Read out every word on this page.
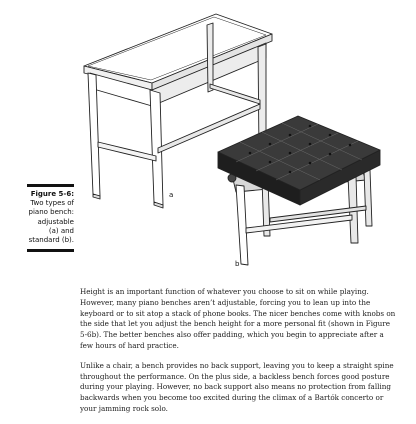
a
b
Figure 5-6:
Two types of piano bench: adjustable (a) and standard (b).

Height is an important function of whatever you choose to sit on while playing. However, many piano benches aren’t adjustable, forcing you to lean up into the keyboard or to sit atop a stack of phone books. The nicer benches come with knobs on the side that let you adjust the bench height for a more personal fit (shown in Figure 5-6b). The better benches also offer padding, which you begin to appreciate after a few hours of hard practice.

Unlike a chair, a bench provides no back support, leaving you to keep a straight spine throughout the performance. On the plus side, a backless bench forces good posture during your playing. However, no back support also means no protection from falling backwards when you become too excited during the climax of a Bartók concerto or your jamming rock solo.
